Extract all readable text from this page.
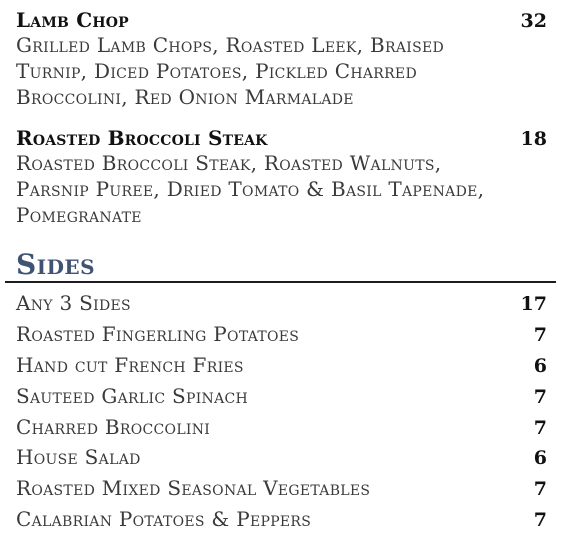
Lamb Chop	32
Grilled Lamb Chops, Roasted Leek, Braised Turnip, Diced Potatoes, Pickled Charred Broccolini, Red Onion Marmalade
Roasted Broccoli Steak	18
Roasted Broccoli Steak, Roasted Walnuts, Parsnip Puree, Dried Tomato & Basil Tapenade, Pomegranate
Sides
Any 3 Sides	17
Roasted Fingerling Potatoes	7
Hand cut French Fries	6
Sauteed Garlic Spinach	7
Charred Broccolini	7
House Salad	6
Roasted Mixed Seasonal Vegetables	7
Calabrian Potatoes & Peppers	7
